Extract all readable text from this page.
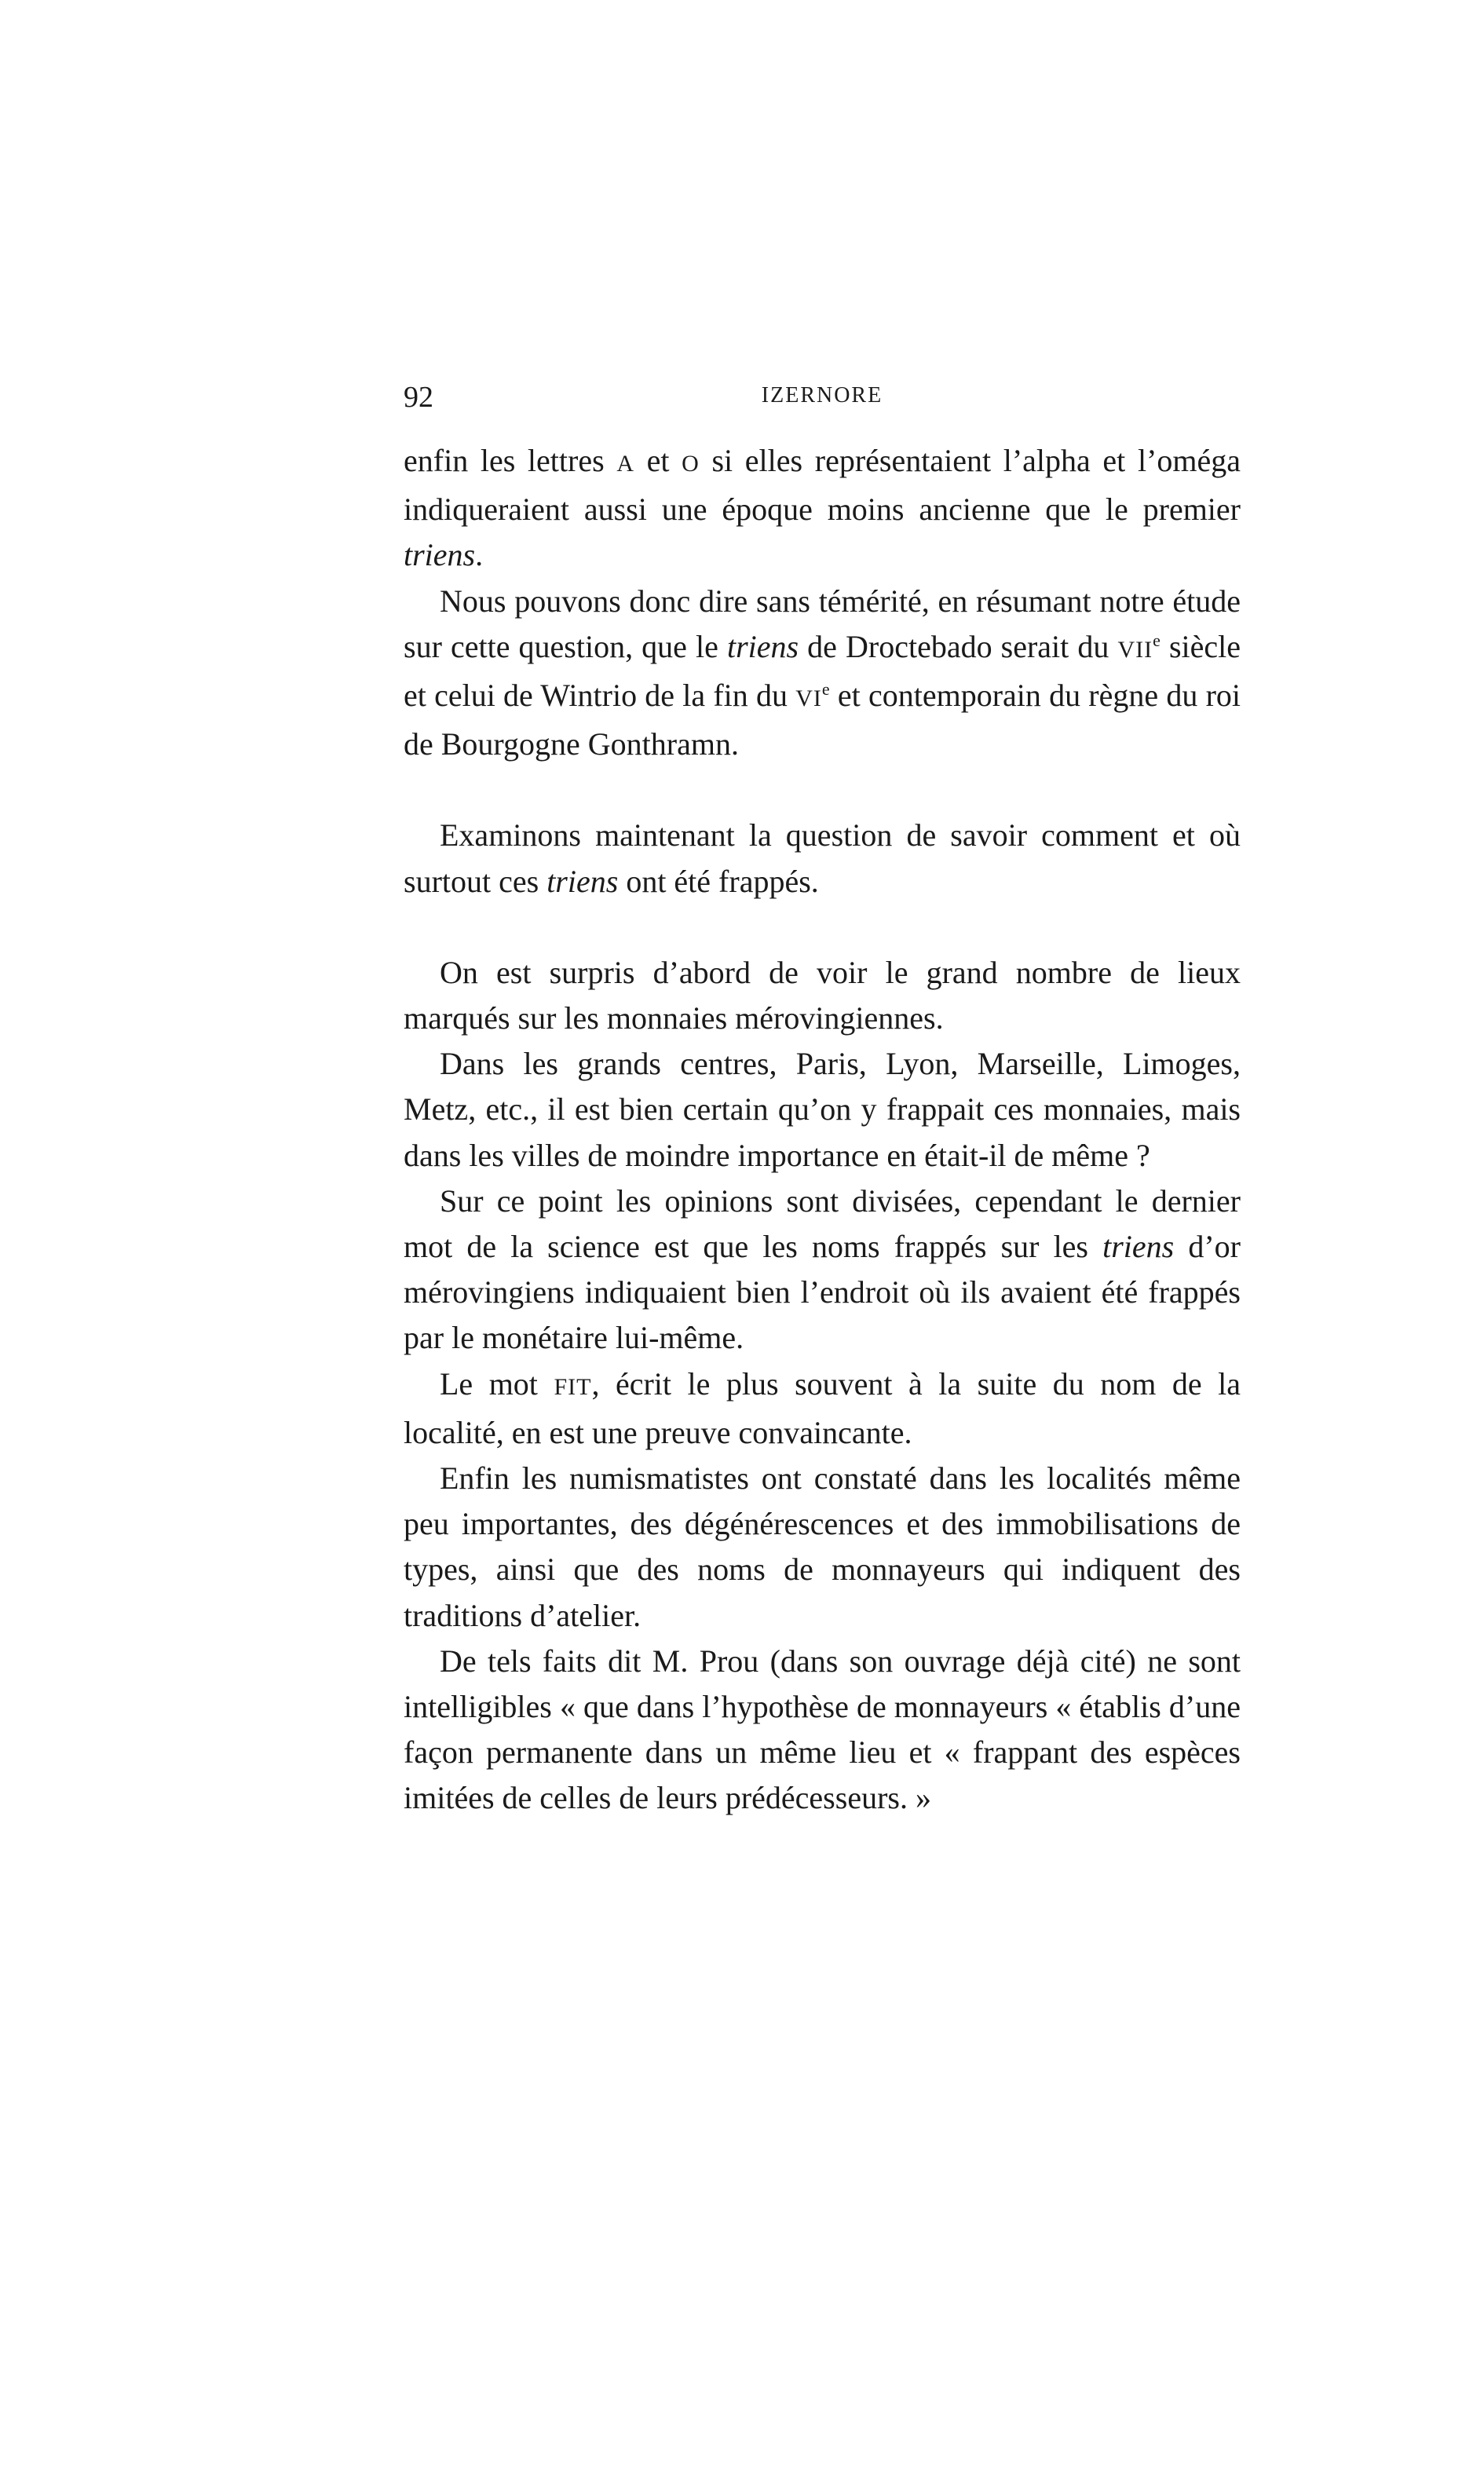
92	IZERNORE

enfin les lettres A et O si elles représentaient l’alpha et l’oméga indiqueraient aussi une époque moins ancienne que le premier triens.

Nous pouvons donc dire sans témérité, en résumant notre étude sur cette question, que le triens de Droctebado serait du VIIe siècle et celui de Wintrio de la fin du VIe et contemporain du règne du roi de Bourgogne Gonthramn.

Examinons maintenant la question de savoir comment et où surtout ces triens ont été frappés.

On est surpris d’abord de voir le grand nombre de lieux marqués sur les monnaies mérovingiennes.

Dans les grands centres, Paris, Lyon, Marseille, Limoges, Metz, etc., il est bien certain qu’on y frappait ces monnaies, mais dans les villes de moindre importance en était-il de même ?

Sur ce point les opinions sont divisées, cependant le dernier mot de la science est que les noms frappés sur les triens d’or mérovingiens indiquaient bien l’endroit où ils avaient été frappés par le monétaire lui-même.

Le mot FIT, écrit le plus souvent à la suite du nom de la localité, en est une preuve convaincante.

Enfin les numismatistes ont constaté dans les localités même peu importantes, des dégénérescences et des immobilisations de types, ainsi que des noms de monnayeurs qui indiquent des traditions d’atelier.

De tels faits dit M. Prou (dans son ouvrage déjà cité) ne sont intelligibles « que dans l’hypothèse de monnayeurs « établis d’une façon permanente dans un même lieu et « frappant des espèces imitées de celles de leurs prédécesseurs. »
